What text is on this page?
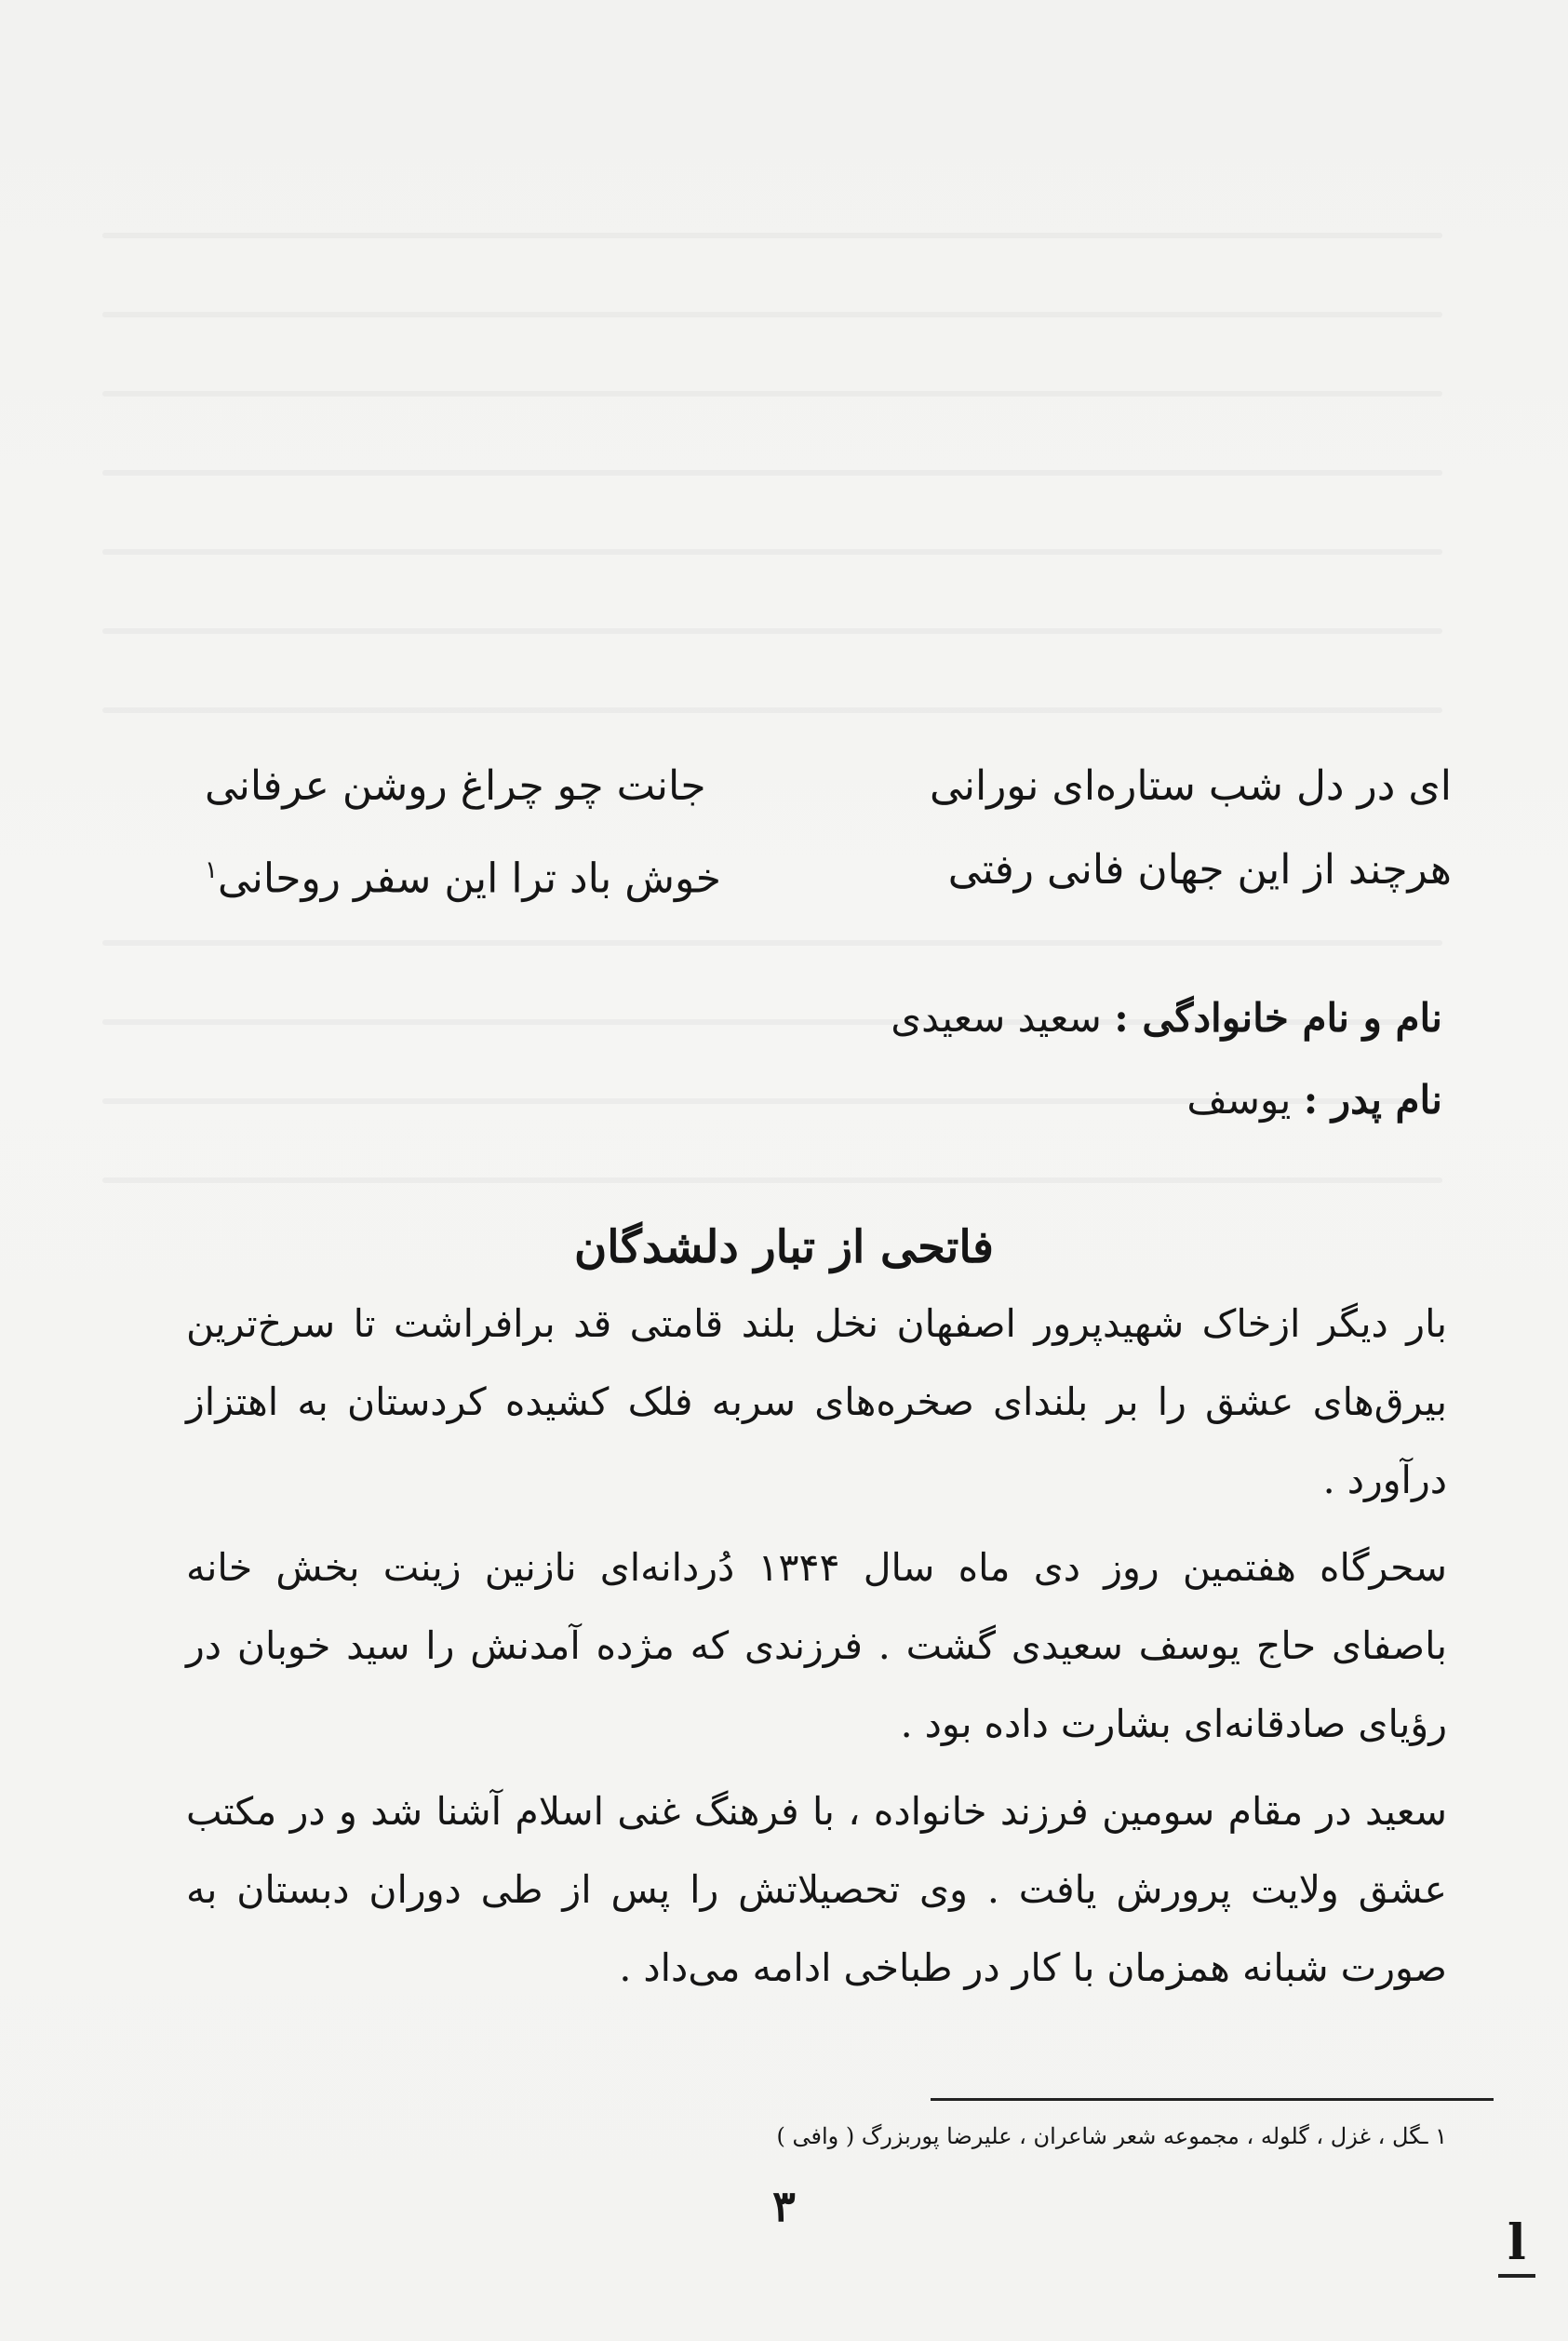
ای در دل شب ستاره‌ای نورانی
جانت چو چراغ روشن عرفانی
هرچند از این جهان فانی رفتی
خوش باد ترا این سفر روحانی$^۱$
نام و نام خانوادگی : سعید سعیدی
نام پدر : یوسف
فاتحی از تبار دلشدگان

بار دیگر ازخاک شهیدپرور اصفهان نخل بلند قامتی قد برافراشت تا سرخ‌ترین بیرق‌های عشق را بر بلندای صخره‌های سربه فلک کشیده کردستان به اهتزاز درآورد .

سحرگاه هفتمین روز دی ماه سال ۱۳۴۴ دُردانه‌ای نازنین زینت بخش خانه باصفای حاج یوسف سعیدی گشت . فرزندی که مژده آمدنش را سید خوبان در رؤیای صادقانه‌ای بشارت داده بود .

سعید در مقام سومین فرزند خانواده ، با فرهنگ غنی اسلام آشنا شد و در مکتب عشق ولایت پرورش یافت . وی تحصیلاتش را پس از طی دوران دبستان به صورت شبانه همزمان با کار در طباخی ادامه می‌داد .

۱ ـگل ، غزل ، گلوله ، مجموعه شعر شاعران ، علیرضا پوربزرگ ( وافی )
۳
l
